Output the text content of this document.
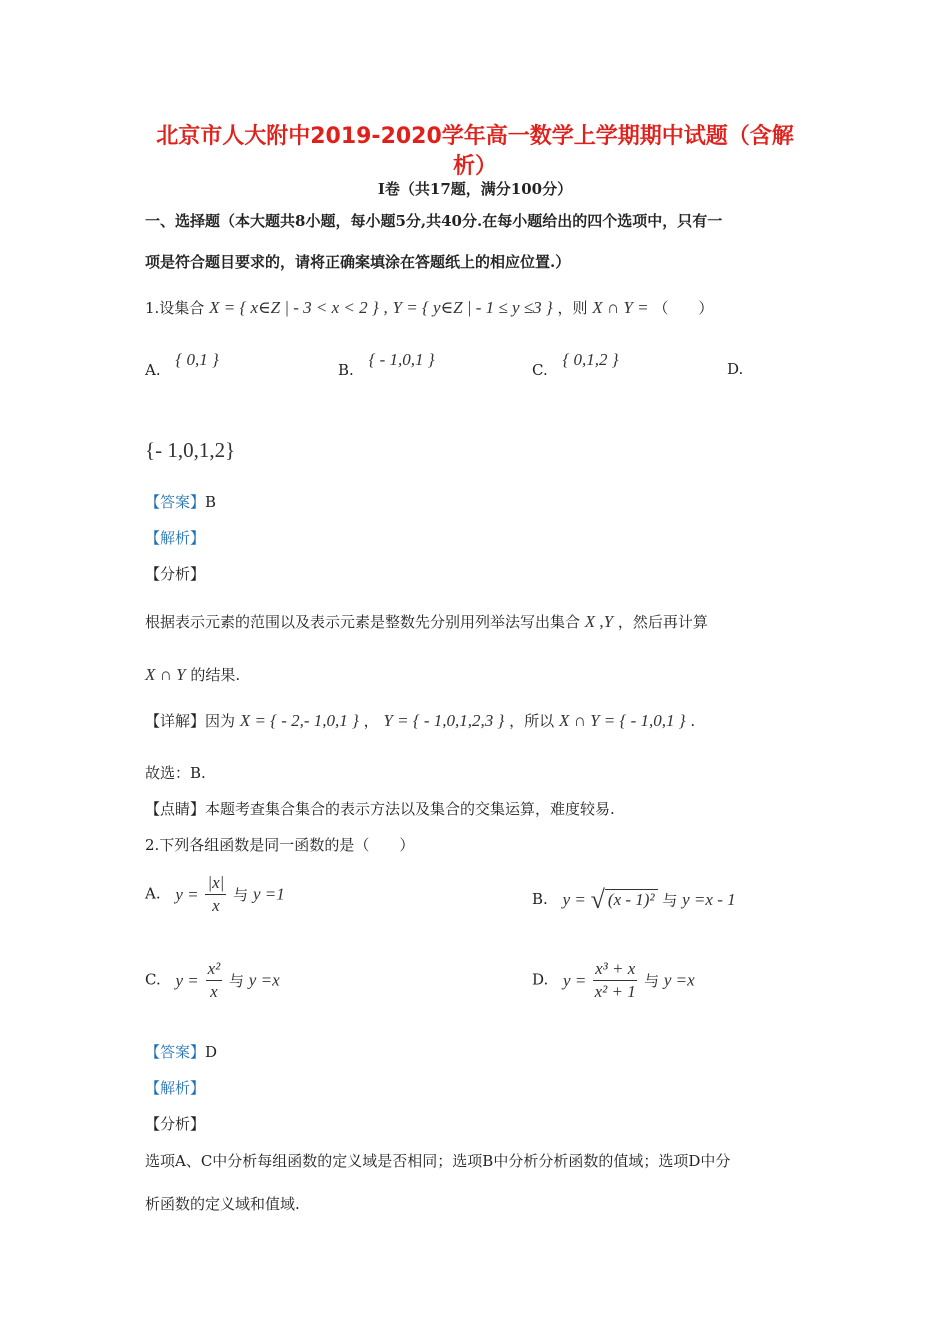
北京市人大附中2019-2020学年高一数学上学期期中试题（含解
析）
I卷（共17题，满分100分）
一、选择题（本大题共8小题，每小题5分,共40分.在每小题给出的四个选项中，只有一
项是符合题目要求的，请将正确案填涂在答题纸上的相应位置.）
1.设集合 X = { x∈Z | - 3 < x < 2 } , Y = { y∈Z | - 1 ≤ y ≤3 } ，则 X ∩ Y = （　　）
A. { 0,1 }
B. { - 1,0,1 }
C. { 0,1,2 }	D.
{- 1,0,1,2}
【答案】B
【解析】
【分析】
根据表示元素的范围以及表示元素是整数先分别用列举法写出集合 X ,Y ，然后再计算
X ∩ Y 的结果.
【详解】因为 X = { - 2,- 1,0,1 } ， Y = { - 1,0,1,2,3 } ，所以 X ∩ Y = { - 1,0,1 } .
故选：B.
【点睛】本题考查集合集合的表示方法以及集合的交集运算，难度较易.
2.下列各组函数是同一函数的是（　　）
A. $y = \frac{|x|}{x}$ 与 y =1	B. y = √ (x - 1)² 与 y =x - 1
C. $y = \frac{\text{x²}}{x}$ 与 y =x	D. $y = \frac{\text{x³ + x}}{\text{x² + 1}}$ 与 y =x
【答案】D
【解析】
【分析】
选项A、C中分析每组函数的定义域是否相同；选项B中分析分析函数的值域；选项D中分
析函数的定义域和值域.
